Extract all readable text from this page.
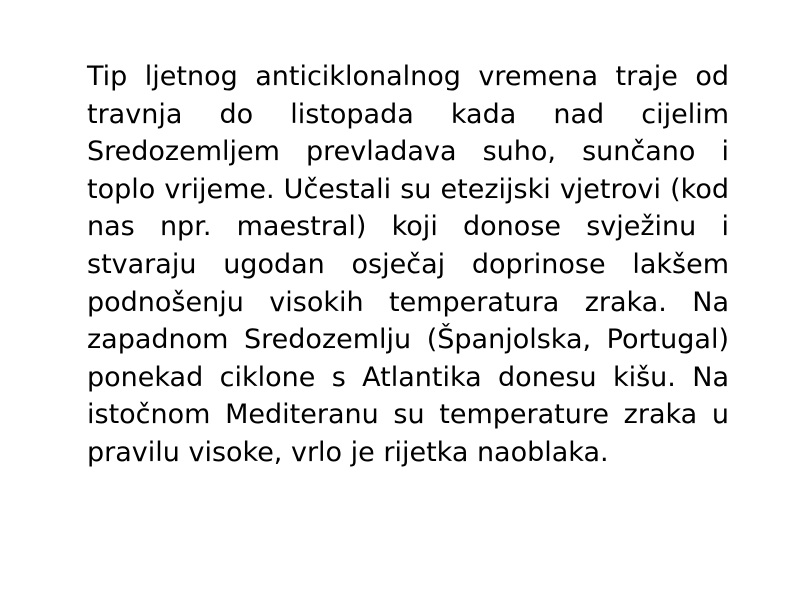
Tip ljetnog anticiklonalnog vremena traje od travnja do listopada kada nad cijelim Sredozemljem prevladava suho, sunčano i toplo vrijeme. Učestali su etezijski vjetrovi (kod nas npr. maestral) koji donose svježinu i stvaraju ugodan osječaj doprinose lakšem podnošenju visokih temperatura zraka. Na zapadnom Sredozemlju (Španjolska, Portugal) ponekad ciklone s Atlantika donesu kišu. Na istočnom Mediteranu su temperature zraka u pravilu visoke, vrlo je rijetka naoblaka.
